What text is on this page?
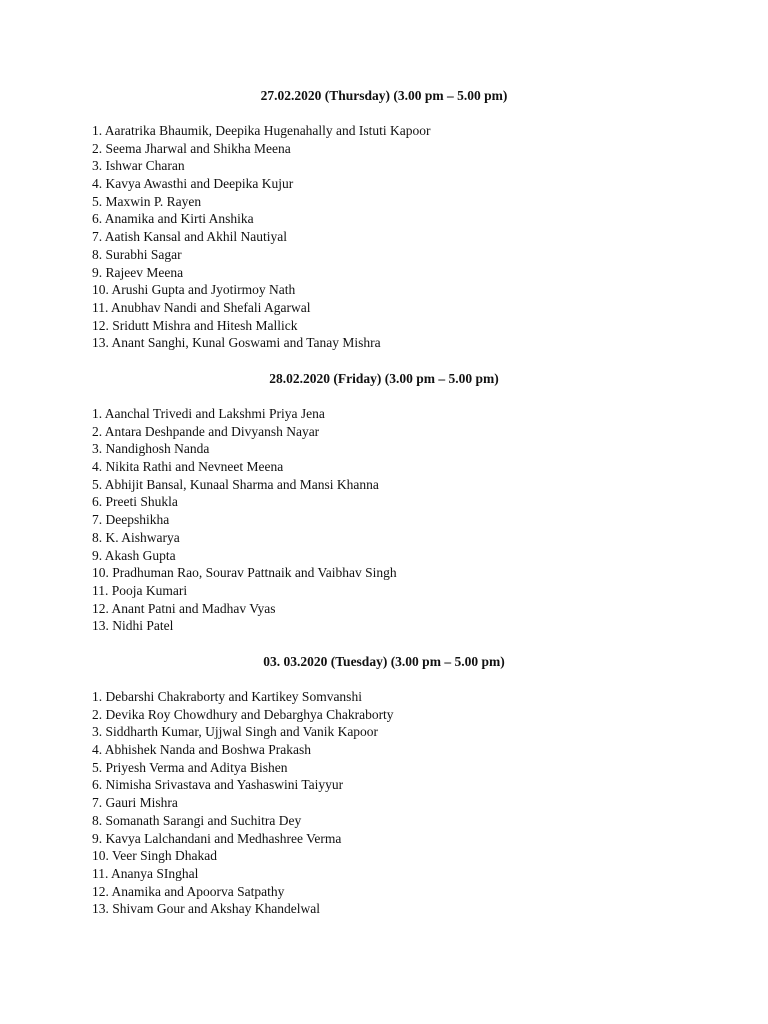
27.02.2020 (Thursday) (3.00 pm – 5.00 pm)
1. Aaratrika Bhaumik, Deepika Hugenahally and Istuti Kapoor
2. Seema Jharwal and Shikha Meena
3. Ishwar Charan
4. Kavya Awasthi and Deepika Kujur
5. Maxwin P. Rayen
6. Anamika and Kirti Anshika
7. Aatish Kansal and Akhil Nautiyal
8. Surabhi Sagar
9. Rajeev Meena
10. Arushi Gupta and Jyotirmoy Nath
11. Anubhav Nandi and Shefali Agarwal
12. Sridutt Mishra and Hitesh Mallick
13. Anant Sanghi, Kunal Goswami and Tanay Mishra
28.02.2020 (Friday) (3.00 pm – 5.00 pm)
1. Aanchal Trivedi and Lakshmi Priya Jena
2. Antara Deshpande and Divyansh Nayar
3. Nandighosh Nanda
4. Nikita Rathi and Nevneet Meena
5. Abhijit Bansal, Kunaal Sharma and Mansi Khanna
6. Preeti Shukla
7. Deepshikha
8. K. Aishwarya
9. Akash Gupta
10. Pradhuman Rao, Sourav Pattnaik and Vaibhav Singh
11. Pooja Kumari
12. Anant Patni and Madhav Vyas
13. Nidhi Patel
03. 03.2020 (Tuesday) (3.00 pm – 5.00 pm)
1. Debarshi Chakraborty and Kartikey Somvanshi
2. Devika Roy Chowdhury and Debarghya Chakraborty
3. Siddharth Kumar, Ujjwal Singh and Vanik Kapoor
4. Abhishek Nanda and Boshwa Prakash
5. Priyesh Verma and Aditya Bishen
6. Nimisha Srivastava and Yashaswini Taiyyur
7. Gauri Mishra
8. Somanath Sarangi and Suchitra Dey
9. Kavya Lalchandani and Medhashree Verma
10. Veer Singh Dhakad
11. Ananya SInghal
12. Anamika and Apoorva Satpathy
13. Shivam Gour and Akshay Khandelwal
